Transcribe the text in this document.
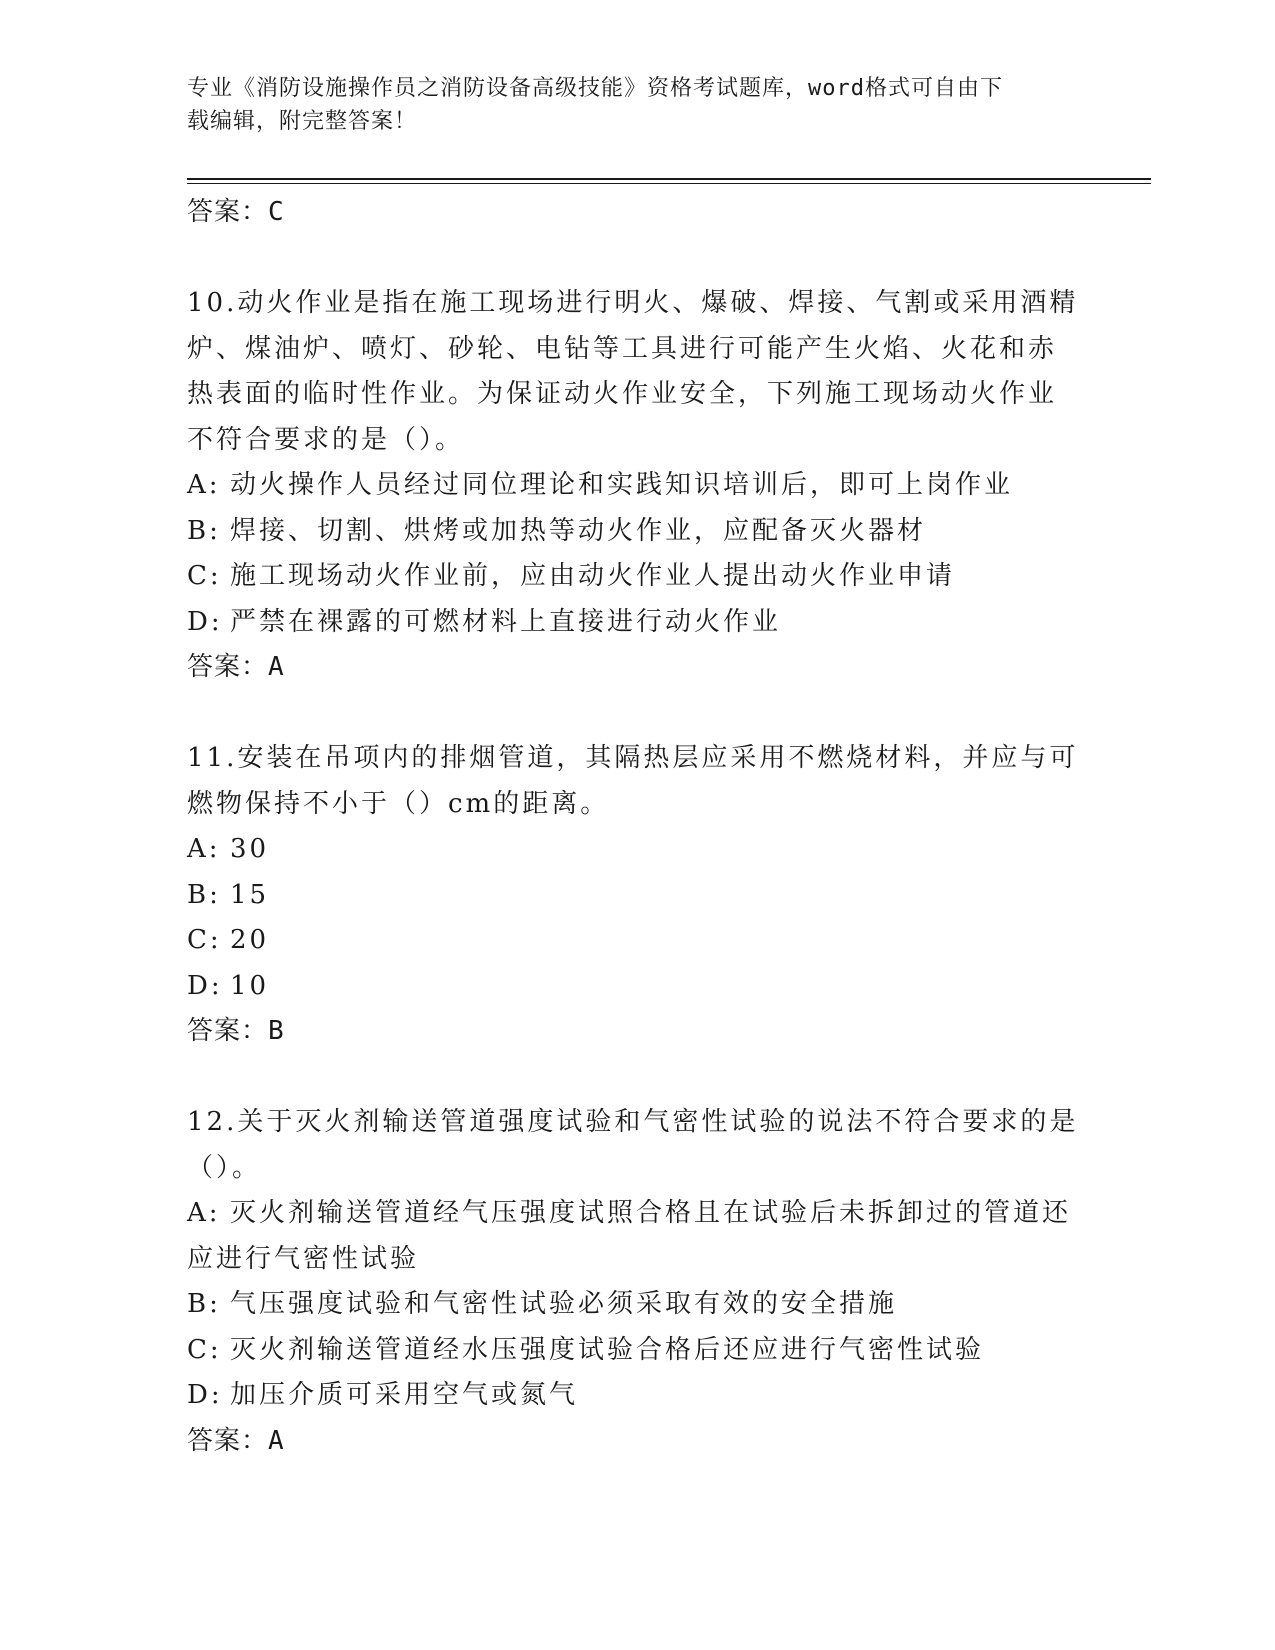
专业《消防设施操作员之消防设备高级技能》资格考试题库，word格式可自由下
载编辑，附完整答案！
答案：C
10.动火作业是指在施工现场进行明火、爆破、焊接、气割或采用酒精
炉、煤油炉、喷灯、砂轮、电钻等工具进行可能产生火焰、火花和赤
热表面的临时性作业。为保证动火作业安全，下列施工现场动火作业
不符合要求的是（）。
A: 动火操作人员经过同位理论和实践知识培训后，即可上岗作业
B: 焊接、切割、烘烤或加热等动火作业，应配备灭火器材
C: 施工现场动火作业前，应由动火作业人提出动火作业申请
D: 严禁在裸露的可燃材料上直接进行动火作业
答案：A
11.安装在吊项内的排烟管道，其隔热层应采用不燃烧材料，并应与可
燃物保持不小于（）cm的距离。
A: 30
B: 15
C: 20
D: 10
答案：B
12.关于灭火剂输送管道强度试验和气密性试验的说法不符合要求的是
（）。
A: 灭火剂输送管道经气压强度试照合格且在试验后未拆卸过的管道还
应进行气密性试验
B: 气压强度试验和气密性试验必须采取有效的安全措施
C: 灭火剂输送管道经水压强度试验合格后还应进行气密性试验
D: 加压介质可采用空气或氮气
答案：A
